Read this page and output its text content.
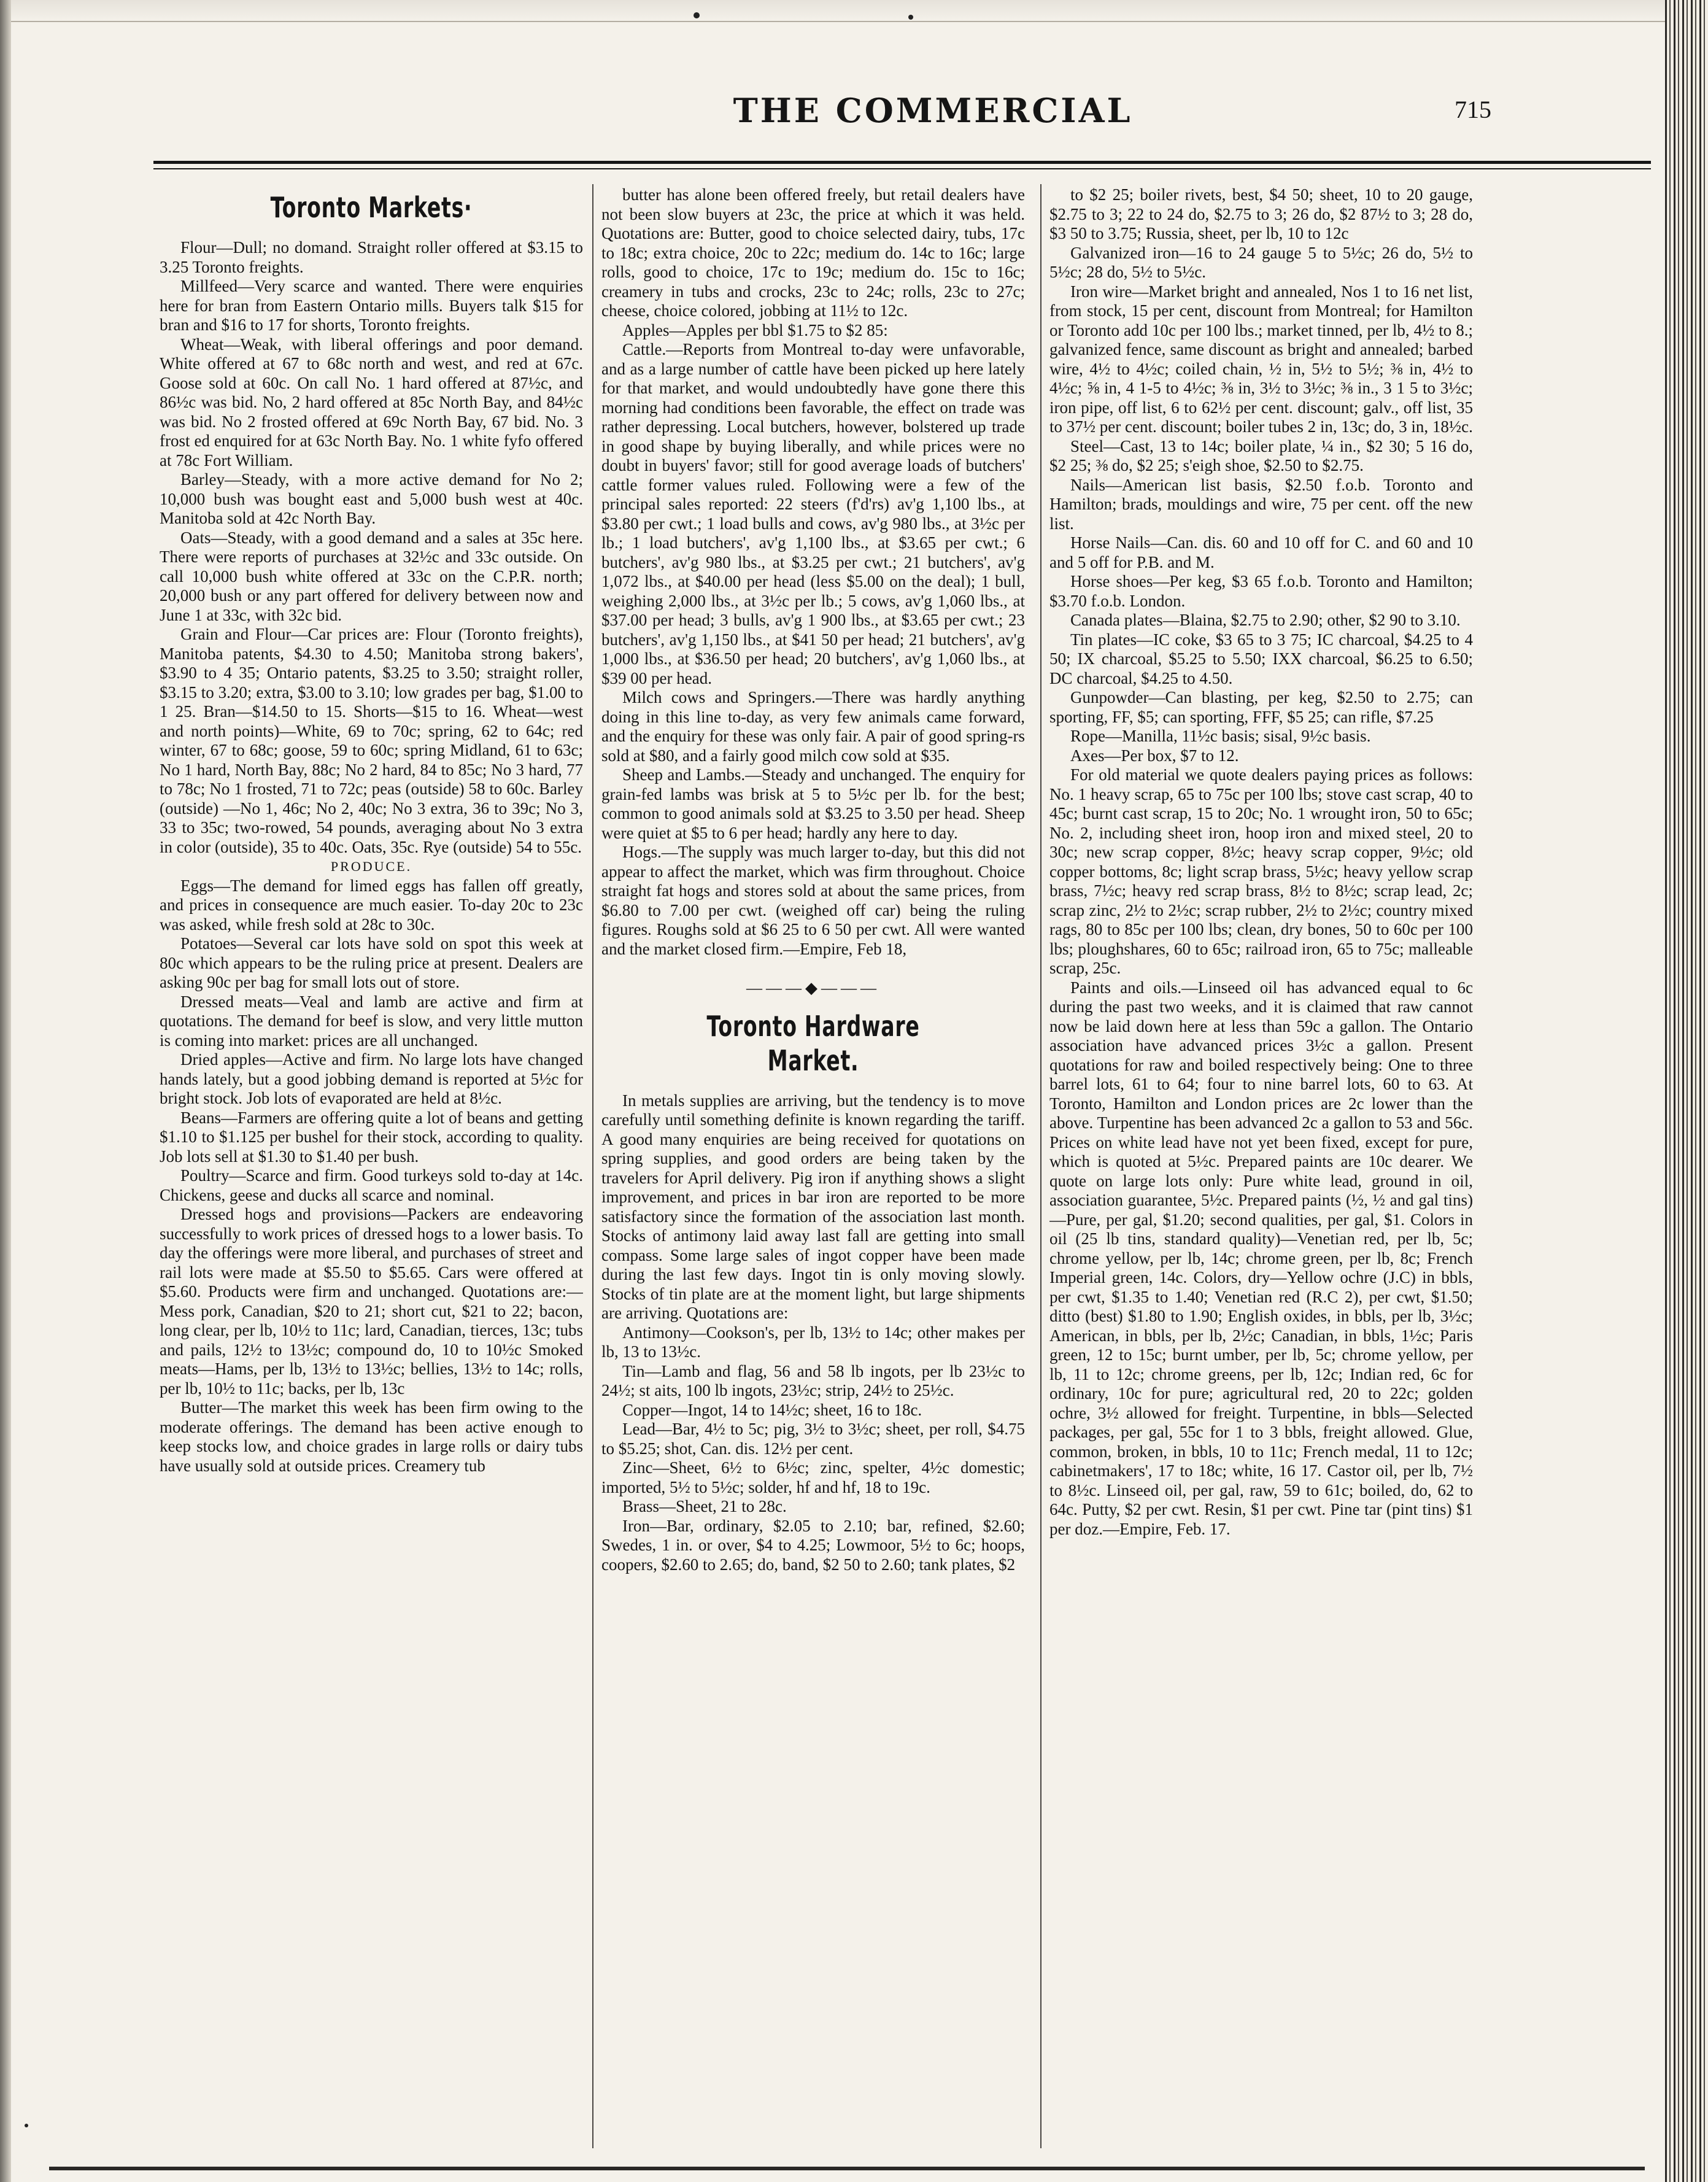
THE COMMERCIAL	715
Toronto Markets·

Flour—Dull; no domand. Straight roller offered at $3.15 to 3.25 Toronto freights.

Millfeed—Very scarce and wanted. There were enquiries here for bran from Eastern Ontario mills. Buyers talk $15 for bran and $16 to 17 for shorts, Toronto freights.

Wheat—Weak, with liberal offerings and poor demand. White offered at 67 to 68c north and west, and red at 67c. Goose sold at 60c. On call No. 1 hard offered at 87½c, and 86½c was bid. No, 2 hard offered at 85c North Bay, and 84½c was bid. No 2 frosted offered at 69c North Bay, 67 bid. No. 3 frost ed enquired for at 63c North Bay. No. 1 white fyfo offered at 78c Fort William.

Barley—Steady, with a more active demand for No 2; 10,000 bush was bought east and 5,000 bush west at 40c. Manitoba sold at 42c North Bay.

Oats—Steady, with a good demand and a sales at 35c here. There were reports of purchases at 32½c and 33c outside. On call 10,000 bush white offered at 33c on the C.P.R. north; 20,000 bush or any part offered for delivery between now and June 1 at 33c, with 32c bid.

Grain and Flour—Car prices are: Flour (Toronto freights), Manitoba patents, $4.30 to 4.50; Manitoba strong bakers', $3.90 to 4 35; Ontario patents, $3.25 to 3.50; straight roller, $3.15 to 3.20; extra, $3.00 to 3.10; low grades per bag, $1.00 to 1 25. Bran—$14.50 to 15. Shorts—$15 to 16. Wheat—west and north points)—White, 69 to 70c; spring, 62 to 64c; red winter, 67 to 68c; goose, 59 to 60c; spring Midland, 61 to 63c; No 1 hard, North Bay, 88c; No 2 hard, 84 to 85c; No 3 hard, 77 to 78c; No 1 frosted, 71 to 72c; peas (outside) 58 to 60c. Barley (outside) —No 1, 46c; No 2, 40c; No 3 extra, 36 to 39c; No 3, 33 to 35c; two-rowed, 54 pounds, averaging about No 3 extra in color (outside), 35 to 40c. Oats, 35c. Rye (outside) 54 to 55c.

PRODUCE.

Eggs—The demand for limed eggs has fallen off greatly, and prices in consequence are much easier. To-day 20c to 23c was asked, while fresh sold at 28c to 30c.

Potatoes—Several car lots have sold on spot this week at 80c which appears to be the ruling price at present. Dealers are asking 90c per bag for small lots out of store.

Dressed meats—Veal and lamb are active and firm at quotations. The demand for beef is slow, and very little mutton is coming into market: prices are all unchanged.

Dried apples—Active and firm. No large lots have changed hands lately, but a good jobbing demand is reported at 5½c for bright stock. Job lots of evaporated are held at 8½c.

Beans—Farmers are offering quite a lot of beans and getting $1.10 to $1.125 per bushel for their stock, according to quality. Job lots sell at $1.30 to $1.40 per bush.

Poultry—Scarce and firm. Good turkeys sold to-day at 14c. Chickens, geese and ducks all scarce and nominal.

Dressed hogs and provisions—Packers are endeavoring successfully to work prices of dressed hogs to a lower basis. To day the offerings were more liberal, and purchases of street and rail lots were made at $5.50 to $5.65. Cars were offered at $5.60. Products were firm and unchanged. Quotations are:—Mess pork, Canadian, $20 to 21; short cut, $21 to 22; bacon, long clear, per lb, 10½ to 11c; lard, Canadian, tierces, 13c; tubs and pails, 12½ to 13½c; compound do, 10 to 10½c Smoked meats—Hams, per lb, 13½ to 13½c; bellies, 13½ to 14c; rolls, per lb, 10½ to 11c; backs, per lb, 13c

Butter—The market this week has been firm owing to the moderate offerings. The demand has been active enough to keep stocks low, and choice grades in large rolls or dairy tubs have usually sold at outside prices. Creamery tub

butter has alone been offered freely, but retail dealers have not been slow buyers at 23c, the price at which it was held. Quotations are: Butter, good to choice selected dairy, tubs, 17c to 18c; extra choice, 20c to 22c; medium do. 14c to 16c; large rolls, good to choice, 17c to 19c; medium do. 15c to 16c; creamery in tubs and crocks, 23c to 24c; rolls, 23c to 27c; cheese, choice colored, jobbing at 11½ to 12c.

Apples—Apples per bbl $1.75 to $2 85:

Cattle.—Reports from Montreal to-day were unfavorable, and as a large number of cattle have been picked up here lately for that market, and would undoubtedly have gone there this morning had conditions been favorable, the effect on trade was rather depressing. Local butchers, however, bolstered up trade in good shape by buying liberally, and while prices were no doubt in buyers' favor; still for good average loads of butchers' cattle former values ruled. Following were a few of the principal sales reported: 22 steers (f'd'rs) av'g 1,100 lbs., at $3.80 per cwt.; 1 load bulls and cows, av'g 980 lbs., at 3½c per lb.; 1 load butchers', av'g 1,100 lbs., at $3.65 per cwt.; 6 butchers', av'g 980 lbs., at $3.25 per cwt.; 21 butchers', av'g 1,072 lbs., at $40.00 per head (less $5.00 on the deal); 1 bull, weighing 2,000 lbs., at 3½c per lb.; 5 cows, av'g 1,060 lbs., at $37.00 per head; 3 bulls, av'g 1 900 lbs., at $3.65 per cwt.; 23 butchers', av'g 1,150 lbs., at $41 50 per head; 21 butchers', av'g 1,000 lbs., at $36.50 per head; 20 butchers', av'g 1,060 lbs., at $39 00 per head.

Milch cows and Springers.—There was hardly anything doing in this line to-day, as very few animals came forward, and the enquiry for these was only fair. A pair of good spring-rs sold at $80, and a fairly good milch cow sold at $35.

Sheep and Lambs.—Steady and unchanged. The enquiry for grain-fed lambs was brisk at 5 to 5½c per lb. for the best; common to good animals sold at $3.25 to 3.50 per head. Sheep were quiet at $5 to 6 per head; hardly any here to day.

Hogs.—The supply was much larger to-day, but this did not appear to affect the market, which was firm throughout. Choice straight fat hogs and stores sold at about the same prices, from $6.80 to 7.00 per cwt. (weighed off car) being the ruling figures. Roughs sold at $6 25 to 6 50 per cwt. All were wanted and the market closed firm.—Empire, Feb 18,

———◆———
Toronto Hardware Market.

In metals supplies are arriving, but the tendency is to move carefully until something definite is known regarding the tariff. A good many enquiries are being received for quotations on spring supplies, and good orders are being taken by the travelers for April delivery. Pig iron if anything shows a slight improvement, and prices in bar iron are reported to be more satisfactory since the formation of the association last month. Stocks of antimony laid away last fall are getting into small compass. Some large sales of ingot copper have been made during the last few days. Ingot tin is only moving slowly. Stocks of tin plate are at the moment light, but large shipments are arriving. Quotations are:

Antimony—Cookson's, per lb, 13½ to 14c; other makes per lb, 13 to 13½c.

Tin—Lamb and flag, 56 and 58 lb ingots, per lb 23½c to 24½; st aits, 100 lb ingots, 23½c; strip, 24½ to 25½c.

Copper—Ingot, 14 to 14½c; sheet, 16 to 18c.

Lead—Bar, 4½ to 5c; pig, 3½ to 3½c; sheet, per roll, $4.75 to $5.25; shot, Can. dis. 12½ per cent.

Zinc—Sheet, 6½ to 6½c; zinc, spelter, 4½c domestic; imported, 5½ to 5½c; solder, hf and hf, 18 to 19c.

Brass—Sheet, 21 to 28c.

Iron—Bar, ordinary, $2.05 to 2.10; bar, refined, $2.60; Swedes, 1 in. or over, $4 to 4.25; Lowmoor, 5½ to 6c; hoops, coopers, $2.60 to 2.65; do, band, $2 50 to 2.60; tank plates, $2

to $2 25; boiler rivets, best, $4 50; sheet, 10 to 20 gauge, $2.75 to 3; 22 to 24 do, $2.75 to 3; 26 do, $2 87½ to 3; 28 do, $3 50 to 3.75; Russia, sheet, per lb, 10 to 12c

Galvanized iron—16 to 24 gauge 5 to 5½c; 26 do, 5½ to 5½c; 28 do, 5½ to 5½c.

Iron wire—Market bright and annealed, Nos 1 to 16 net list, from stock, 15 per cent, discount from Montreal; for Hamilton or Toronto add 10c per 100 lbs.; market tinned, per lb, 4½ to 8.; galvanized fence, same discount as bright and annealed; barbed wire, 4½ to 4½c; coiled chain, ½ in, 5½ to 5½; ⅜ in, 4½ to 4½c; ⅝ in, 4 1-5 to 4½c; ⅜ in, 3½ to 3½c; ⅜ in., 3 1 5 to 3½c; iron pipe, off list, 6 to 62½ per cent. discount; galv., off list, 35 to 37½ per cent. discount; boiler tubes 2 in, 13c; do, 3 in, 18½c.

Steel—Cast, 13 to 14c; boiler plate, ¼ in., $2 30; 5 16 do, $2 25; ⅜ do, $2 25; s'eigh shoe, $2.50 to $2.75.

Nails—American list basis, $2.50 f.o.b. Toronto and Hamilton; brads, mouldings and wire, 75 per cent. off the new list.

Horse Nails—Can. dis. 60 and 10 off for C. and 60 and 10 and 5 off for P.B. and M.

Horse shoes—Per keg, $3 65 f.o.b. Toronto and Hamilton; $3.70 f.o.b. London.

Canada plates—Blaina, $2.75 to 2.90; other, $2 90 to 3.10.

Tin plates—IC coke, $3 65 to 3 75; IC charcoal, $4.25 to 4 50; IX charcoal, $5.25 to 5.50; IXX charcoal, $6.25 to 6.50; DC charcoal, $4.25 to 4.50.

Gunpowder—Can blasting, per keg, $2.50 to 2.75; can sporting, FF, $5; can sporting, FFF, $5 25; can rifle, $7.25

Rope—Manilla, 11½c basis; sisal, 9½c basis.

Axes—Per box, $7 to 12.

For old material we quote dealers paying prices as follows: No. 1 heavy scrap, 65 to 75c per 100 lbs; stove cast scrap, 40 to 45c; burnt cast scrap, 15 to 20c; No. 1 wrought iron, 50 to 65c; No. 2, including sheet iron, hoop iron and mixed steel, 20 to 30c; new scrap copper, 8½c; heavy scrap copper, 9½c; old copper bottoms, 8c; light scrap brass, 5½c; heavy yellow scrap brass, 7½c; heavy red scrap brass, 8½ to 8½c; scrap lead, 2c; scrap zinc, 2½ to 2½c; scrap rubber, 2½ to 2½c; country mixed rags, 80 to 85c per 100 lbs; clean, dry bones, 50 to 60c per 100 lbs; ploughshares, 60 to 65c; railroad iron, 65 to 75c; malleable scrap, 25c.

Paints and oils.—Linseed oil has advanced equal to 6c during the past two weeks, and it is claimed that raw cannot now be laid down here at less than 59c a gallon. The Ontario association have advanced prices 3½c a gallon. Present quotations for raw and boiled respectively being: One to three barrel lots, 61 to 64; four to nine barrel lots, 60 to 63. At Toronto, Hamilton and London prices are 2c lower than the above. Turpentine has been advanced 2c a gallon to 53 and 56c. Prices on white lead have not yet been fixed, except for pure, which is quoted at 5½c. Prepared paints are 10c dearer. We quote on large lots only: Pure white lead, ground in oil, association guarantee, 5½c. Prepared paints (½, ½ and gal tins)—Pure, per gal, $1.20; second qualities, per gal, $1. Colors in oil (25 lb tins, standard quality)—Venetian red, per lb, 5c; chrome yellow, per lb, 14c; chrome green, per lb, 8c; French Imperial green, 14c. Colors, dry—Yellow ochre (J.C) in bbls, per cwt, $1.35 to 1.40; Venetian red (R.C 2), per cwt, $1.50; ditto (best) $1.80 to 1.90; English oxides, in bbls, per lb, 3½c; American, in bbls, per lb, 2½c; Canadian, in bbls, 1½c; Paris green, 12 to 15c; burnt umber, per lb, 5c; chrome yellow, per lb, 11 to 12c; chrome greens, per lb, 12c; Indian red, 6c for ordinary, 10c for pure; agricultural red, 20 to 22c; golden ochre, 3½ allowed for freight. Turpentine, in bbls—Selected packages, per gal, 55c for 1 to 3 bbls, freight allowed. Glue, common, broken, in bbls, 10 to 11c; French medal, 11 to 12c; cabinetmakers', 17 to 18c; white, 16 17. Castor oil, per lb, 7½ to 8½c. Linseed oil, per gal, raw, 59 to 61c; boiled, do, 62 to 64c. Putty, $2 per cwt. Resin, $1 per cwt. Pine tar (pint tins) $1 per doz.—Empire, Feb. 17.
